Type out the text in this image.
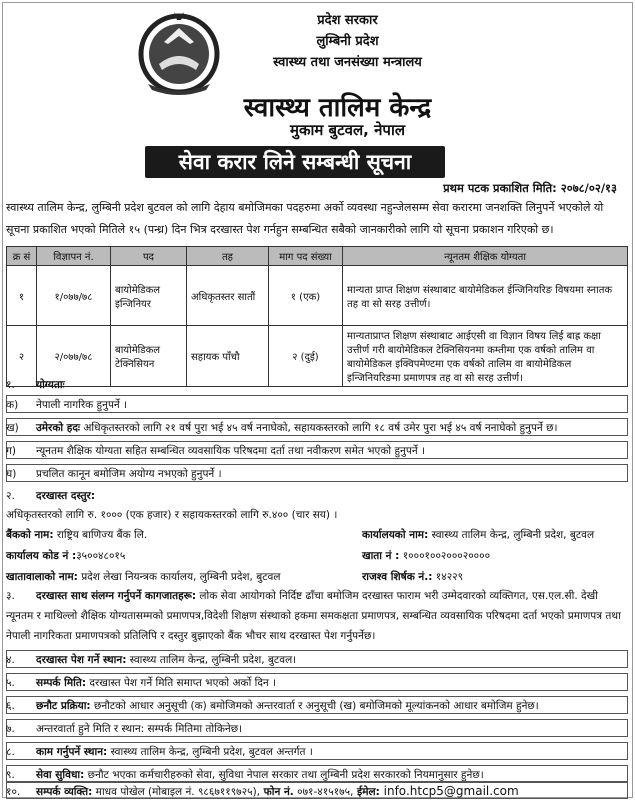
प्रदेश सरकार
लुम्बिनी प्रदेश
स्वास्थ्य तथा जनसंख्या मन्त्रालय
स्वास्थ्य तालिम केन्द्र
मुकाम बुटवल, नेपाल
सेवा करार लिने सम्बन्धी सूचना
प्रथम पटक प्रकाशित मिति: २०७८/०२/१३
स्वास्थ्य तालिम केन्द्र, लुम्बिनी प्रदेश बुटवल को लागि देहाय बमोजिमका पदहरुमा अर्को व्यवस्था नहुन्जेलसम्म सेवा करारमा जनशक्ति लिनुपर्ने भएकोले यो सूचना प्रकाशित भएको मितिले १५ (पन्ध्र) दिन भित्र दरखास्त पेश गर्नहुन सम्बन्धित सबैको जानकारीको लागि यो सूचना प्रकाशन गरिएको छ।
क्र सं	विज्ञापन नं.	पद	तह	माग पद संख्या	न्यूनतम शैक्षिक योग्यता
१	१/०७७/७८	बायोमेडिकल इन्जिनियर	अधिकृतस्तर सातौं	१ (एक)	मान्यता प्राप्त शिक्षण संस्थाबाट बायोमेडिकल ईन्जिनियरिङ विषयमा स्नातक तह वा सो सरह उत्तीर्ण।
२	२/०७७/७८	बायोमेडिकल टेक्निसियन	सहायक पाँचौ	२ (दुई)	मान्यताप्राप्त शिक्षण संस्थाबाट आईएसी वा विज्ञान विषय लिई बाह्र कक्षा उत्तीर्ण गरी बायोमेडिकल टेक्निसियनमा कम्तीमा एक वर्षको तालिम वा बायोमेडिकल इक्विपमेण्टमा एक वर्षको तालिम वा बायोमेडिकल इन्जिनियरिङमा प्रमाणपत्र तह वा सो सरह उत्तीर्ण।
१. योग्यताः
क) नेपाली नागरिक हुनुपर्ने ।
ख) उमेरको हदः अधिकृतस्तरको लागि २१ वर्ष पुरा भई ४५ वर्ष ननाघेको, सहायकस्तरको लागि १८ वर्ष उमेर पुरा भई ४५ वर्ष ननाघेको हुनुपर्ने छ।
ग) न्यूनतम शैक्षिक योग्यता सहित सम्बन्धित व्यवसायिक परिषदमा दर्ता तथा नवीकरण समेत भएको हुनुपर्ने ।
घ) प्रचलित कानून बमोजिम अयोग्य नभएको हुनुपर्ने ।
२. दरखास्त दस्तुर:
अधिकृतस्तरको लागि रु. १००० (एक हजार) र सहायकस्तरको लागि रु.४०० (चार सय) ।
बैंकको नाम: राष्ट्रिय बाणिज्य बैंक लि.	कार्यालयको नाम: स्वास्थ्य तालिम केन्द्र, लुम्बिनी प्रदेश, बुटवल
कार्यालय कोड नं :३५००४८०१५	खाता नं : १०००१००२०००२००००
खातावालाको नाम: प्रदेश लेखा नियन्त्रक कार्यालय, लुम्बिनी प्रदेश, बुटवल	राजश्व शिर्षक नं.: १४२२९
३. दरखास्त साथ संलग्न गर्नुपर्ने कागजातहरू: लोक सेवा आयोगको निर्दिष्ट ढाँचा बमोजिम दरखास्त फाराम भरी उम्मेदवारको व्यक्तिगत, एस.एल.सी. देखी न्यूनतम र माथिल्लो शैक्षिक योग्यतासम्मको प्रमाणपत्र,विदेशी शिक्षण संस्थाको हकमा समकक्षता प्रमाणपत्र, सम्बन्धित व्यवसायिक परिषदमा दर्ता भएको प्रमाणपत्र तथा नेपाली नागरिकता प्रमाणपत्रको प्रतिलिपि र दस्तुर बुझाएको बैंक भौचर साथ दरखास्त पेश गर्नुपर्नेछ।
४. दरखास्त पेश गर्ने स्थान: स्वास्थ्य तालिम केन्द्र, लुम्बिनी प्रदेश, बुटवल।
५. सम्पर्क मिति: दरखास्त पेश गर्ने मिति समाप्त भएको अर्को दिन ।
६. छनौट प्रक्रिया: छनौटको आधार अनुसूची (क) बमोजिमको अन्तरवार्ता र अनुसूची (ख) बमोजिमको मूल्यांकनको आधार बमोजिम हुनेछ।
७. अन्तरवार्ता हुने मिति र स्थान: सम्पर्क मितिमा तोकिनेछ।
८. काम गर्नुपर्ने स्थान: स्वास्थ्य तालिम केन्द्र, लुम्बिनी प्रदेश, बुटवल अन्तर्गत ।
९. सेवा सुविधा: छनौट भएका कर्मचारीहरुको सेवा, सुविधा नेपाल सरकार तथा लुम्बिनी प्रदेश सरकारको नियमानुसार हुनेछ।
१०. सम्पर्क व्यक्ति: माधव पोखेल (मोबाइल नं. ९८६७११९७२५), फोन नं. ०७१-४१५१७५, ईमेल: info.htcp5@gmail.com
